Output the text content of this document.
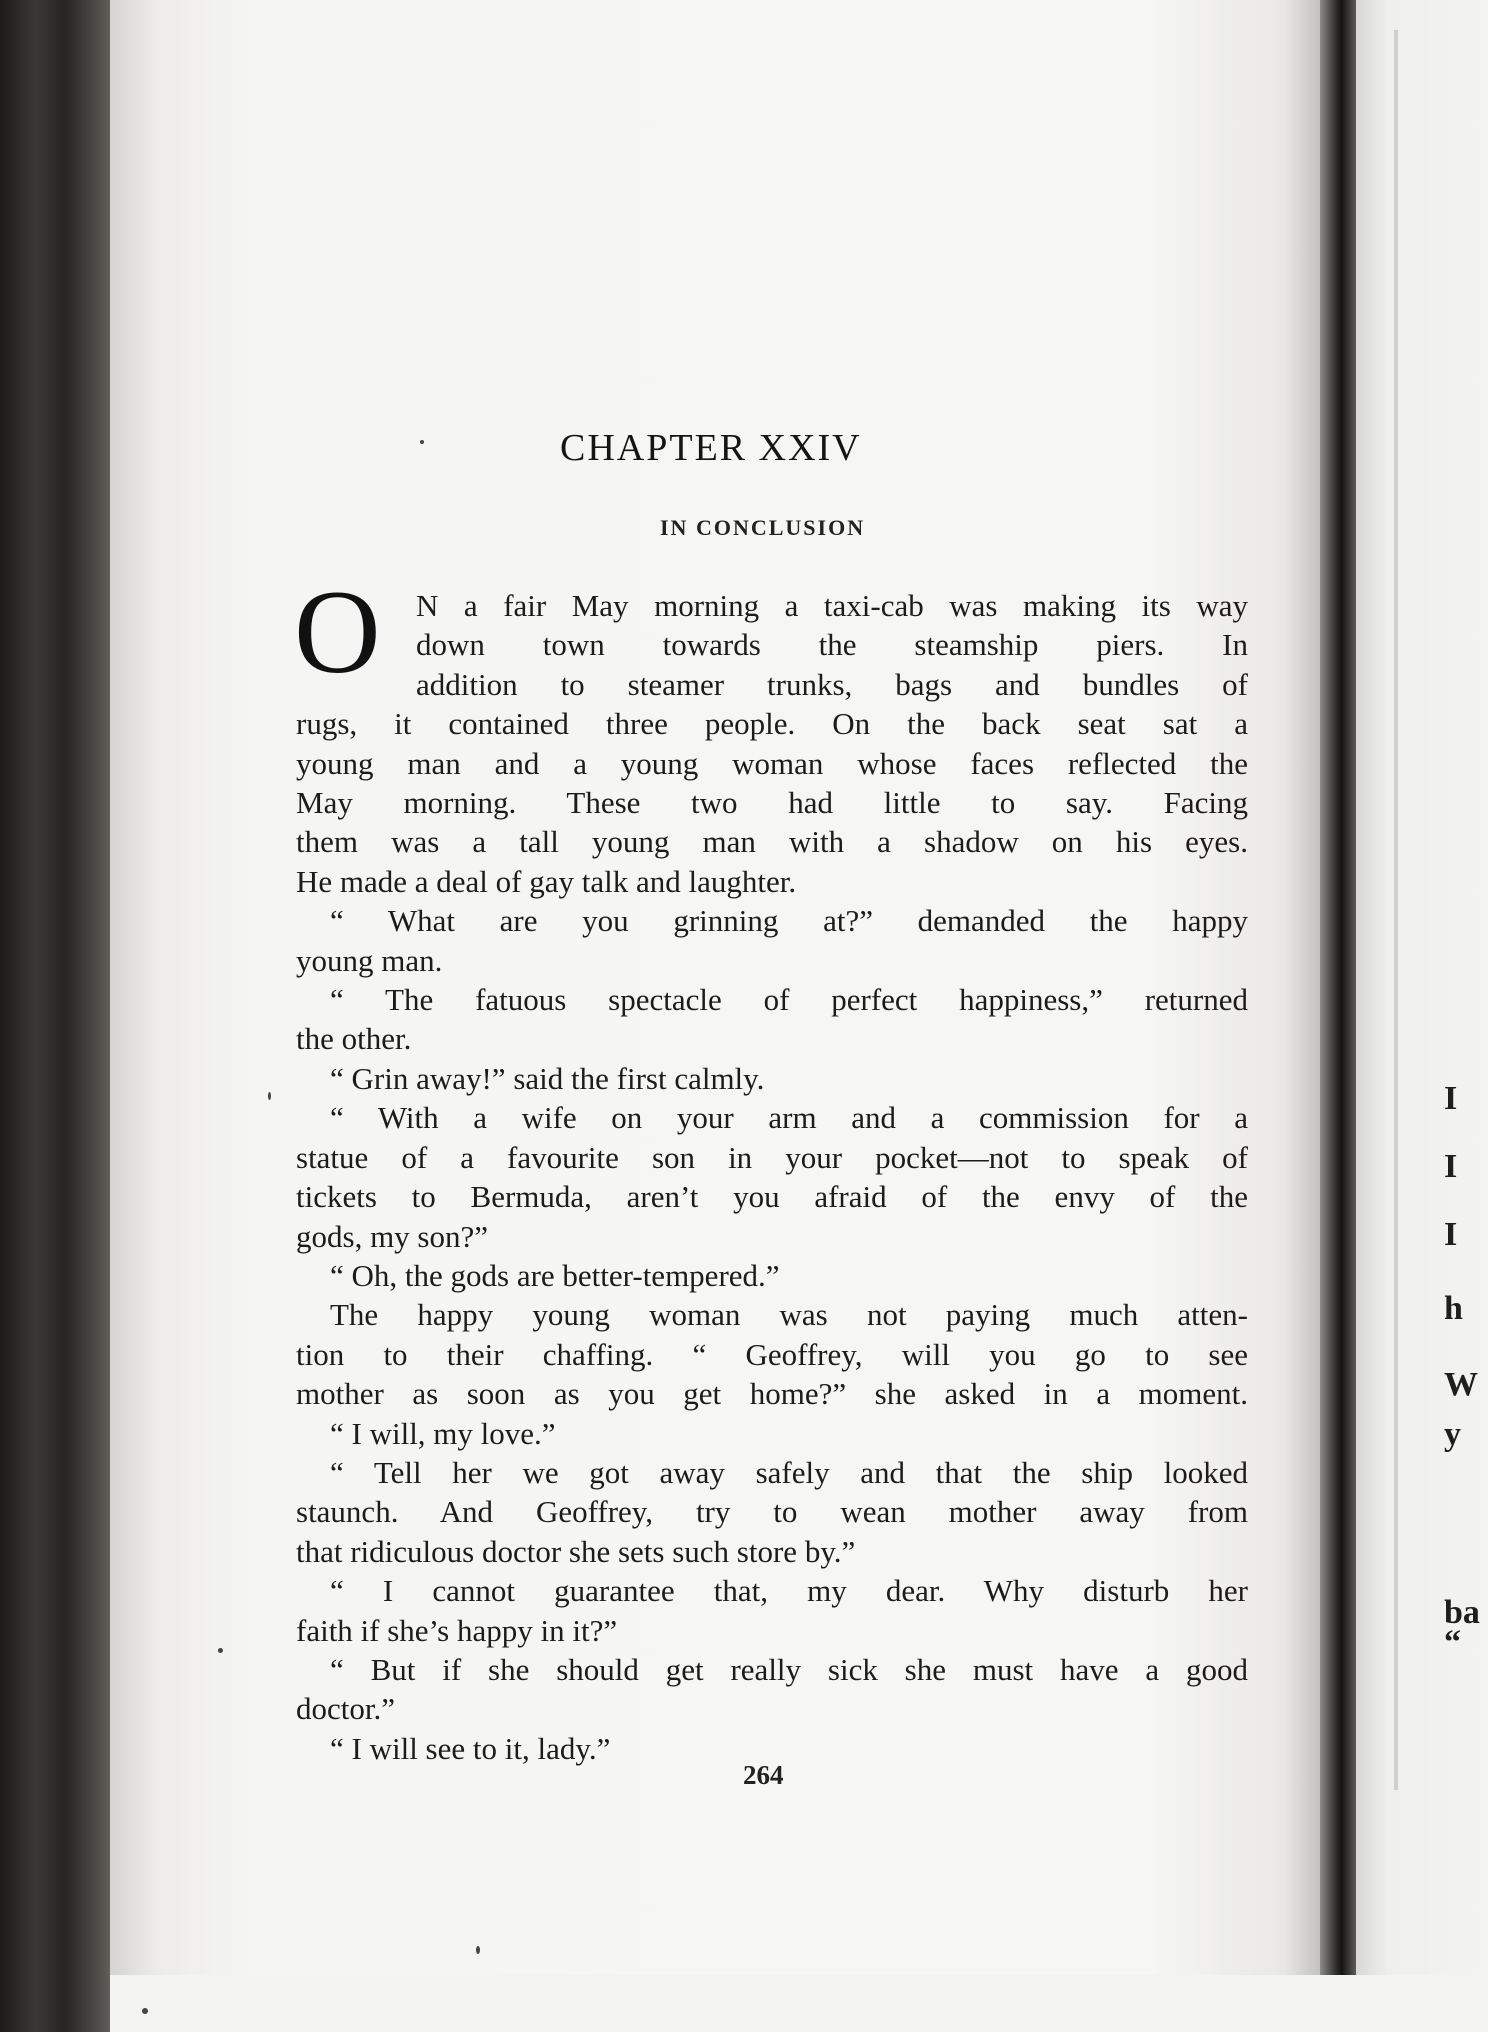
CHAPTER XXIV
IN CONCLUSION
O	N a fair May morning a taxi-cab was making its way
down town towards the steamship piers. In
addition to steamer trunks, bags and bundles of
rugs, it contained three people. On the back seat sat a
young man and a young woman whose faces reflected the
May morning. These two had little to say. Facing
them was a tall young man with a shadow on his eyes.
He made a deal of gay talk and laughter.
“ What are you grinning at?” demanded the happy
young man.
“ The fatuous spectacle of perfect happiness,” returned
the other.
“ Grin away!” said the first calmly.
“ With a wife on your arm and a commission for a
statue of a favourite son in your pocket—not to speak of
tickets to Bermuda, aren’t you afraid of the envy of the
gods, my son?”
“ Oh, the gods are better-tempered.”
The happy young woman was not paying much atten-
tion to their chaffing. “ Geoffrey, will you go to see
mother as soon as you get home?” she asked in a moment.
“ I will, my love.”
“ Tell her we got away safely and that the ship looked
staunch. And Geoffrey, try to wean mother away from
that ridiculous doctor she sets such store by.”
“ I cannot guarantee that, my dear. Why disturb her
faith if she’s happy in it?”
“ But if she should get really sick she must have a good
doctor.”
“ I will see to it, lady.”
264
I
I
I
h
W
y
ba
“
